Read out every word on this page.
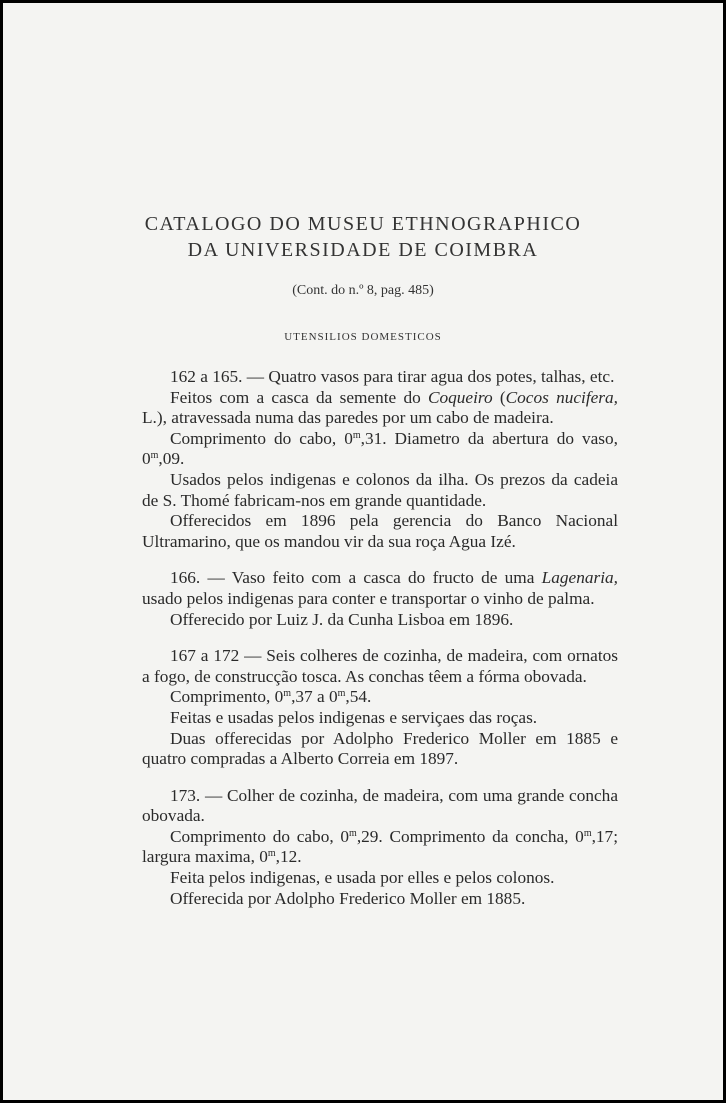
CATALOGO DO MUSEU ETHNOGRAPHICO
DA UNIVERSIDADE DE COIMBRA
(Cont. do n.º 8, pag. 485)
UTENSILIOS DOMESTICOS

162 a 165. — Quatro vasos para tirar agua dos potes, talhas, etc.

Feitos com a casca da semente do Coqueiro (Cocos nucifera, L.), atravessada numa das paredes por um cabo de madeira.

Comprimento do cabo, 0$^m$,31. Diametro da abertura do vaso, 0$^m$,09.

Usados pelos indigenas e colonos da ilha. Os prezos da cadeia de S. Thomé fabricam-nos em grande quantidade.

Offerecidos em 1896 pela gerencia do Banco Nacional Ultramarino, que os mandou vir da sua roça Agua Izé.

166. — Vaso feito com a casca do fructo de uma Lagenaria, usado pelos indigenas para conter e transportar o vinho de palma.

Offerecido por Luiz J. da Cunha Lisboa em 1896.

167 a 172 — Seis colheres de cozinha, de madeira, com ornatos a fogo, de construcção tosca. As conchas têem a fórma obovada.

Comprimento, 0$^m$,37 a 0$^m$,54.

Feitas e usadas pelos indigenas e serviçaes das roças.

Duas offerecidas por Adolpho Frederico Moller em 1885 e quatro compradas a Alberto Correia em 1897.

173. — Colher de cozinha, de madeira, com uma grande concha obovada.

Comprimento do cabo, 0$^m$,29. Comprimento da concha, 0$^m$,17; largura maxima, 0$^m$,12.

Feita pelos indigenas, e usada por elles e pelos colonos.

Offerecida por Adolpho Frederico Moller em 1885.
